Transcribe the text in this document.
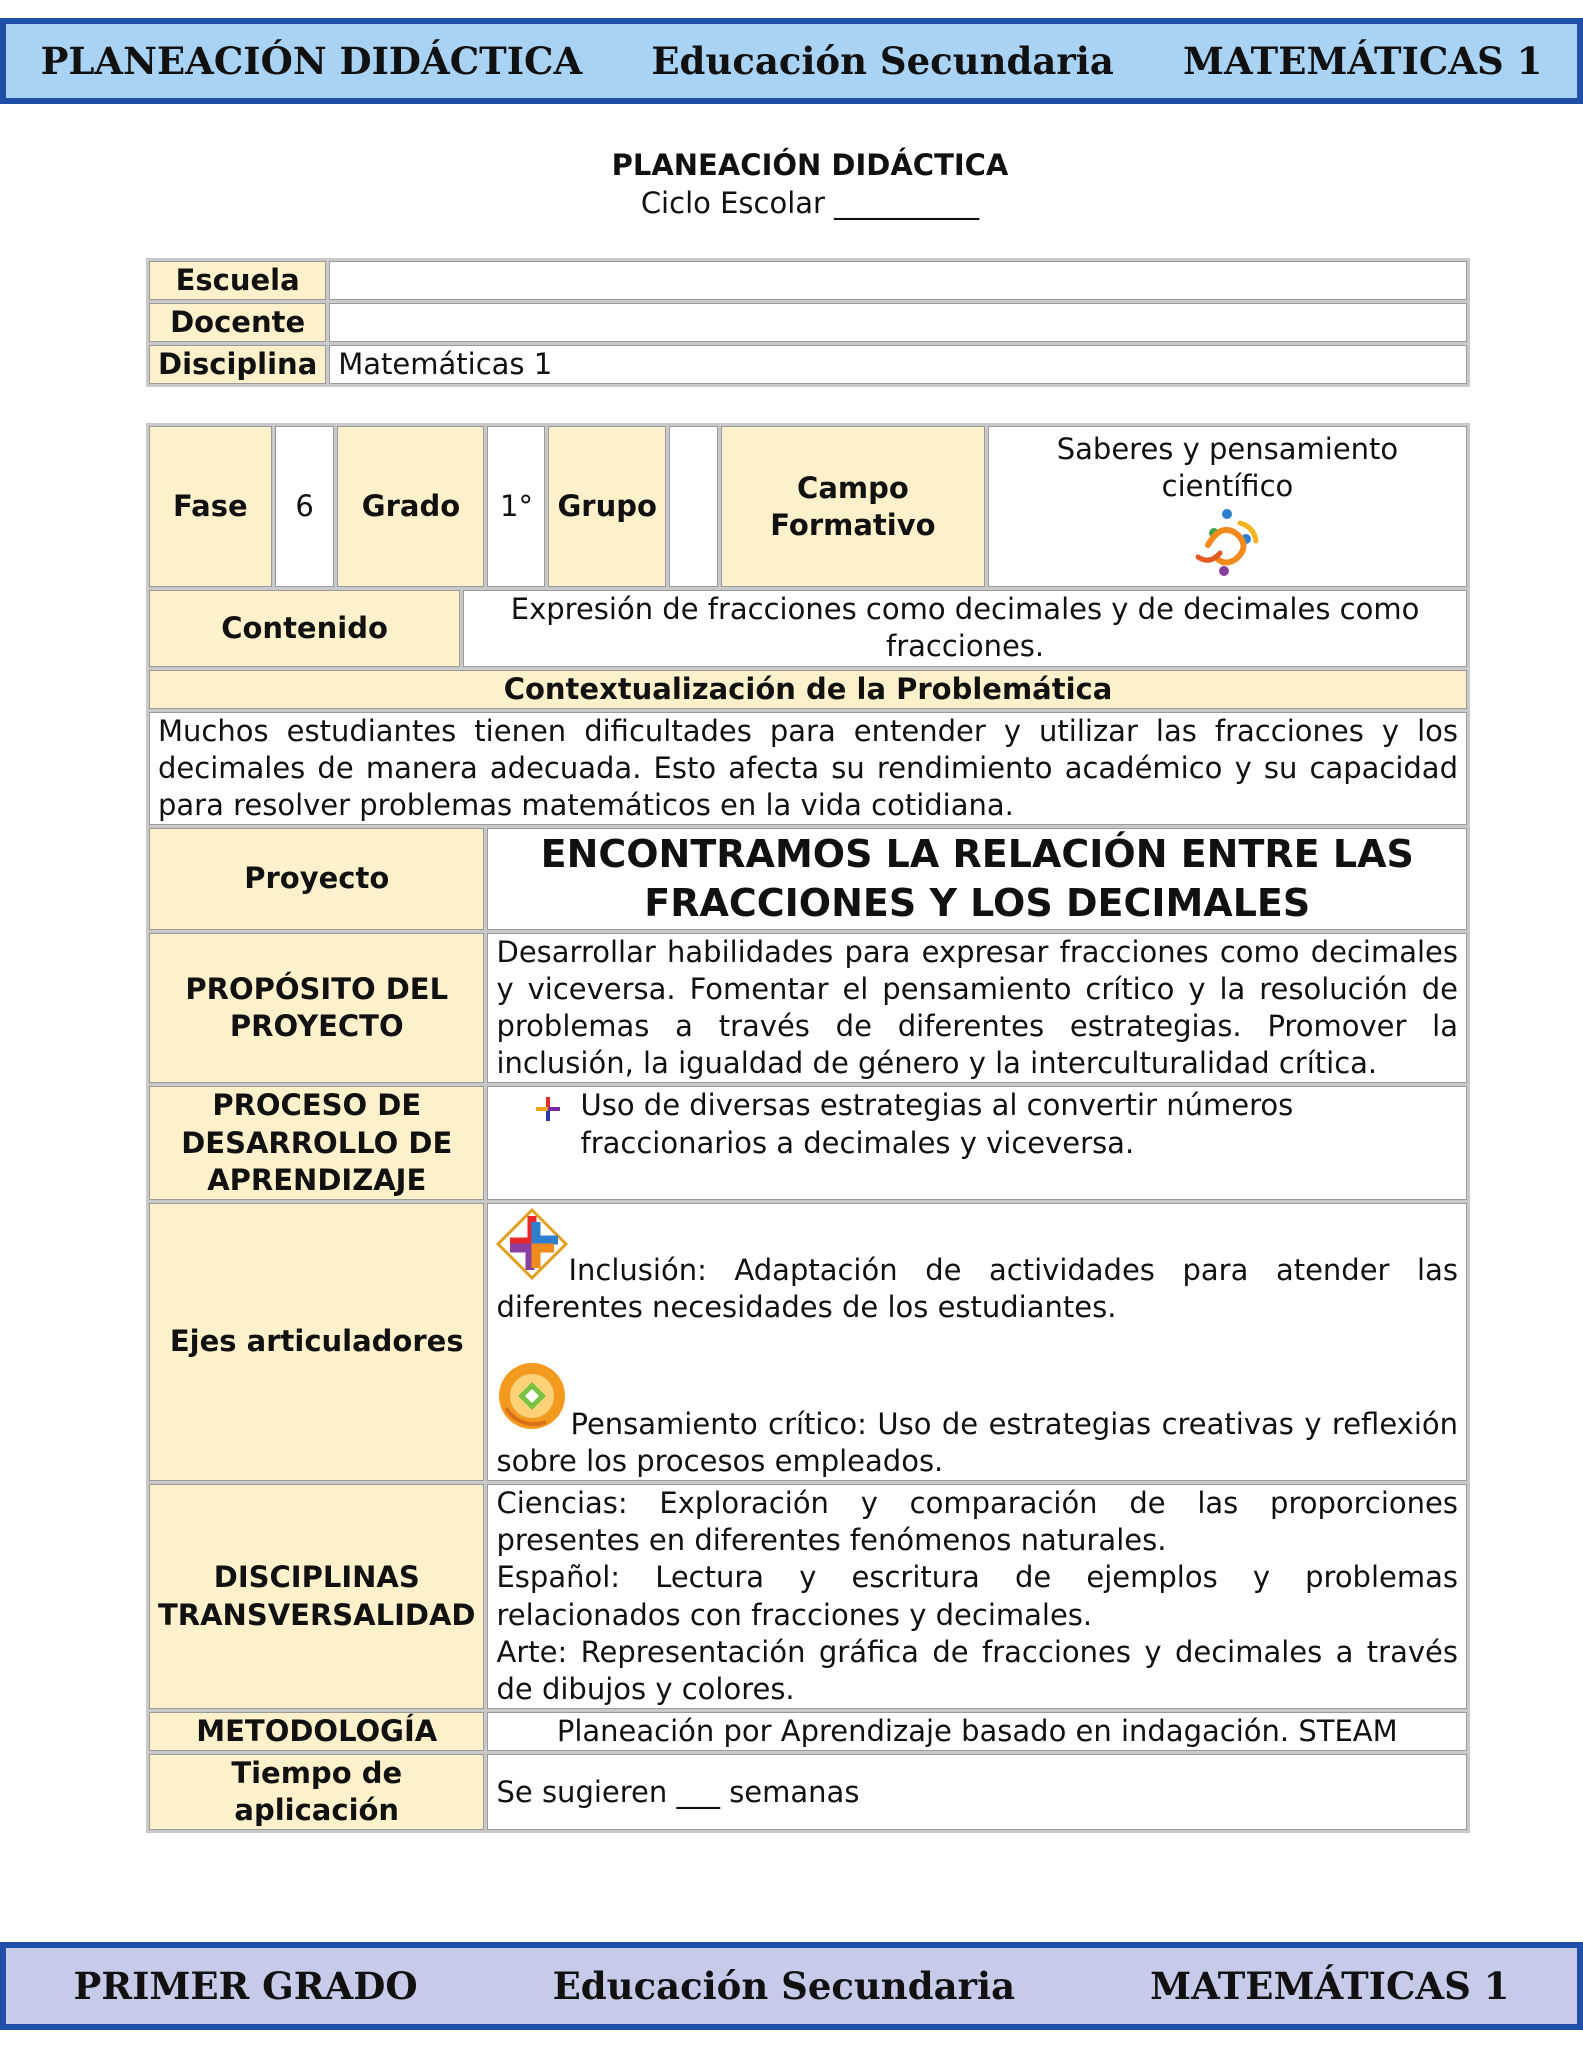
PLANEACIÓN DIDÁCTICA Educación Secundaria MATEMÁTICAS 1
PLANEACIÓN DIDÁCTICA
Ciclo Escolar __________
Escuela	
Docente	
Disciplina	Matemáticas 1
Fase	6	Grado		1°	Grupo		Campo Formativo	Saberes y pensamiento científico

Contenido			Expresión de fracciones como decimales y de decimales como fracciones.					
Contextualización de la Problemática								
Muchos estudiantes tienen dificultades para entender y utilizar las fracciones y los decimales de manera adecuada. Esto afecta su rendimiento académico y su capacidad para resolver problemas matemáticos en la vida cotidiana.								
Proyecto				ENCONTRAMOS LA RELACIÓN ENTRE LAS FRACCIONES Y LOS DECIMALES				
PROPÓSITO DEL PROYECTO				Desarrollar habilidades para expresar fracciones como decimales y viceversa. Fomentar el pensamiento crítico y la resolución de problemas a través de diferentes estrategias. Promover la inclusión, la igualdad de género y la interculturalidad crítica.				
PROCESO DE DESARROLLO DE APRENDIZAJE				Uso de diversas estrategias al convertir números fraccionarios a decimales y viceversa.				

Ejes articuladores				Inclusión: Adaptación de actividades para atender las diferentes necesidades de los estudiantes.

Pensamiento crítico: Uso de estrategias creativas y reflexión sobre los procesos empleados.				

DISCIPLINAS TRANSVERSALIDAD				Ciencias: Exploración y comparación de las proporciones presentes en diferentes fenómenos naturales.
Español: Lectura y escritura de ejemplos y problemas relacionados con fracciones y decimales.
Arte: Representación gráfica de fracciones y decimales a través de dibujos y colores.				

METODOLOGÍA				Planeación por Aprendizaje basado en indagación. STEAM				
Tiempo de aplicación				Se sugieren ___ semanas				
PRIMER GRADO	Educación Secundaria	MATEMÁTICAS 1
